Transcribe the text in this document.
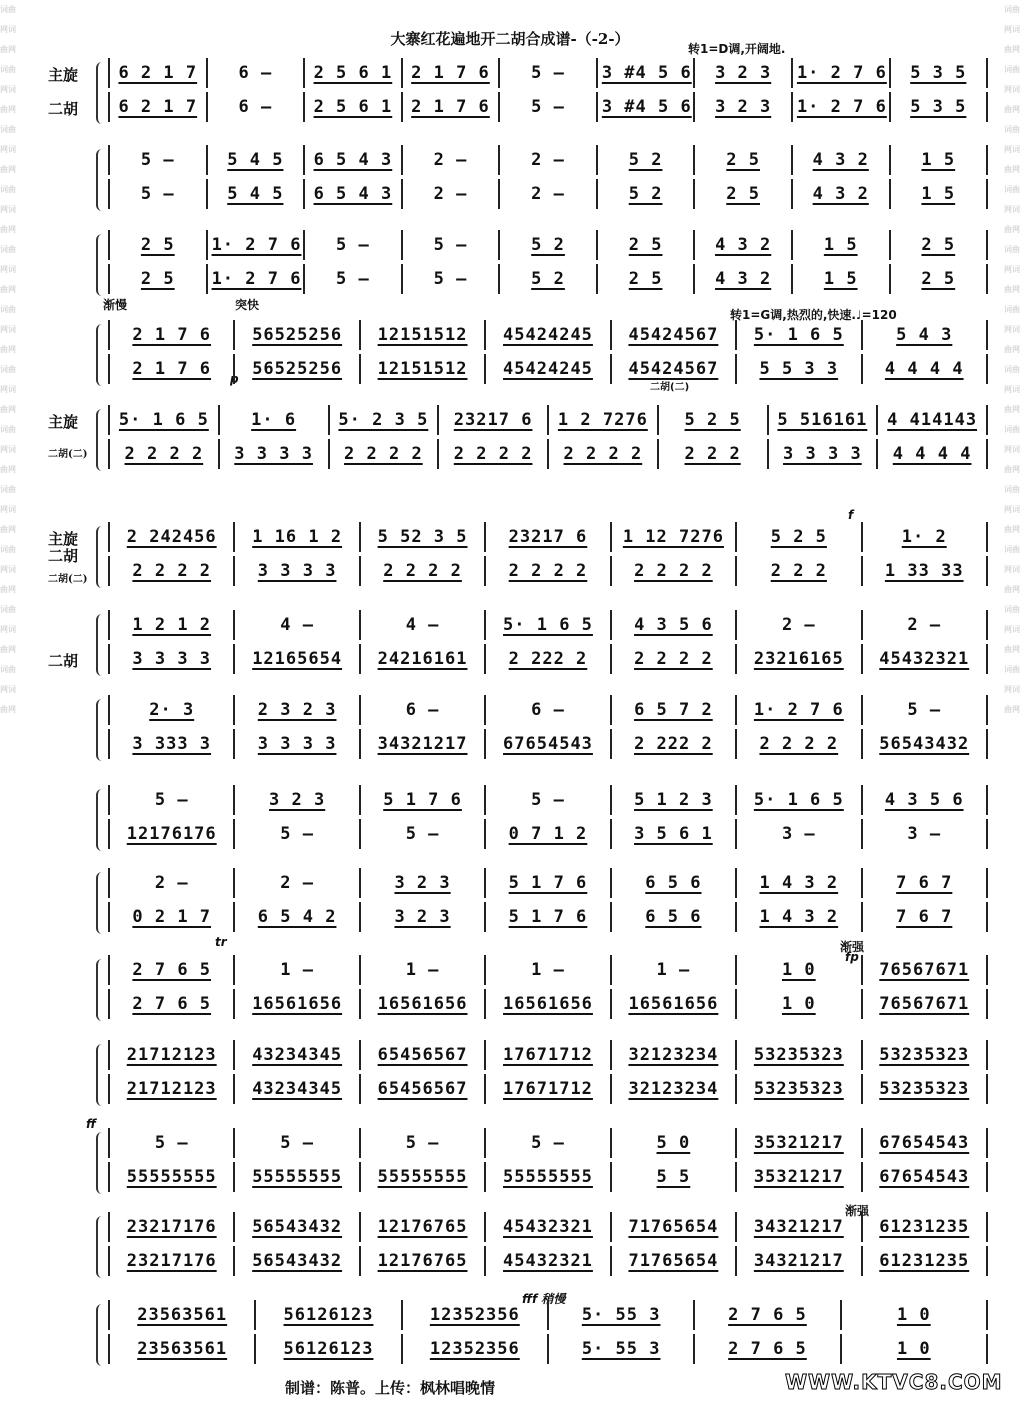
词曲网词曲网词曲网词曲网词曲网词曲网词曲网词曲网词曲网词曲网词曲网词曲网词曲网词曲网词曲网词曲网词曲网词曲网词曲网词曲网词曲网词曲网词曲网词曲网
词曲网词曲网词曲网词曲网词曲网词曲网词曲网词曲网词曲网词曲网词曲网词曲网词曲网词曲网词曲网词曲网词曲网词曲网词曲网词曲网词曲网词曲网词曲网词曲网
大寨红花遍地开二胡合成谱-（-2-）
转1=D调,开阔地.
渐慢	突快
转1=G调,热烈的,快速.♩=120
p
二胡(二)
f
tr	渐强
fp
ff
渐强
fff 稍慢
主旋
二胡
6 2 1 7	6 —	2 5 6 1	2 1 7 6	5 —	3 #4 5 6	3 2 3	1· 2 7 6	5 3 5
6 2 1 7	6 —	2 5 6 1	2 1 7 6	5 —	3 #4 5 6	3 2 3	1· 2 7 6	5 3 5
5 —	5 4 5	6 5 4 3	2 —	2 —	5 2	2 5	4 3 2	1 5
5 —	5 4 5	6 5 4 3	2 —	2 —	5 2	2 5	4 3 2	1 5
2 5	1· 2 7 6	5 —	5 —	5 2	2 5	4 3 2	1 5	2 5
2 5	1· 2 7 6	5 —	5 —	5 2	2 5	4 3 2	1 5	2 5
2 1 7 6	56525256	12151512	45424245	45424567	5· 1 6 5	5 4 3
2 1 7 6	56525256	12151512	45424245	45424567	5 5 3 3	4 4 4 4
主旋
二胡(二)
5· 1 6 5	1· 6	5· 2 3 5	23217 6	1 2 7276	5 2 5	5 516161	4 414143
2 2 2 2	3 3 3 3	2 2 2 2	2 2 2 2	2 2 2 2	2 2 2	3 3 3 3	4 4 4 4
主旋
二胡
二胡(二)
2 242456	1 16 1 2	5 52 3 5	23217 6	1 12 7276	5 2 5	1· 2
2 2 2 2	3 3 3 3	2 2 2 2	2 2 2 2	2 2 2 2	2 2 2	1 33 33
二胡
1 2 1 2	4 —	4 —	5· 1 6 5	4 3 5 6	2 —	2 —
3 3 3 3	12165654	24216161	2 222 2	2 2 2 2	23216165	45432321
2· 3	2 3 2 3	6 —	6 —	6 5 7 2	1· 2 7 6	5 —
3 333 3	3 3 3 3	34321217	67654543	2 222 2	2 2 2 2	56543432
5 —	3 2 3	5 1 7 6	5 —	5 1 2 3	5· 1 6 5	4 3 5 6
12176176	5 —	5 —	0 7 1 2	3 5 6 1	3 —	3 —
2 —	2 —	3 2 3	5 1 7 6	6 5 6	1 4 3 2	7 6 7
0 2 1 7	6 5 4 2	3 2 3	5 1 7 6	6 5 6	1 4 3 2	7 6 7
2 7 6 5	1 —	1 —	1 —	1 —	1 0	76567671
2 7 6 5	16561656	16561656	16561656	16561656	1 0	76567671
21712123	43234345	65456567	17671712	32123234	53235323	53235323
21712123	43234345	65456567	17671712	32123234	53235323	53235323
5 —	5 —	5 —	5 —	5 0	35321217	67654543
55555555	55555555	55555555	55555555	5 5	35321217	67654543
23217176	56543432	12176765	45432321	71765654	34321217	61231235
23217176	56543432	12176765	45432321	71765654	34321217	61231235
23563561	56126123	12352356	5· 55 3	2 7 6 5	1 0
23563561	56126123	12352356	5· 55 3	2 7 6 5	1 0
制谱：陈普。上传：枫林唱晚情	WWW.KTVC8.COM
